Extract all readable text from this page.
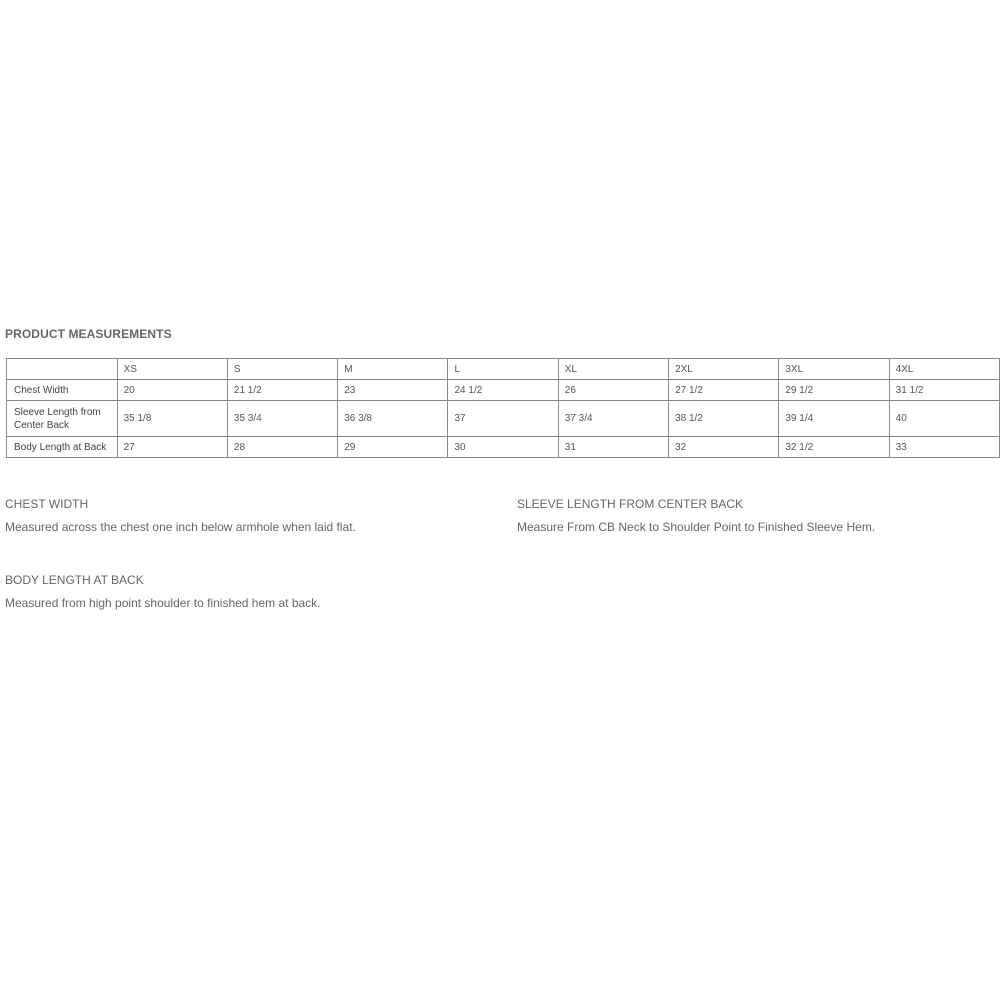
PRODUCT MEASUREMENTS
	XS	S	M	L	XL	2XL	3XL	4XL
Chest Width	20	21 1/2	23	24 1/2	26	27 1/2	29 1/2	31 1/2
Sleeve Length from Center Back	35 1/8	35 3/4	36 3/8	37	37 3/4	38 1/2	39 1/4	40
Body Length at Back	27	28	29	30	31	32	32 1/2	33
CHEST WIDTH
Measured across the chest one inch below armhole when laid flat.
SLEEVE LENGTH FROM CENTER BACK
Measure From CB Neck to Shoulder Point to Finished Sleeve Hem.
BODY LENGTH AT BACK
Measured from high point shoulder to finished hem at back.
